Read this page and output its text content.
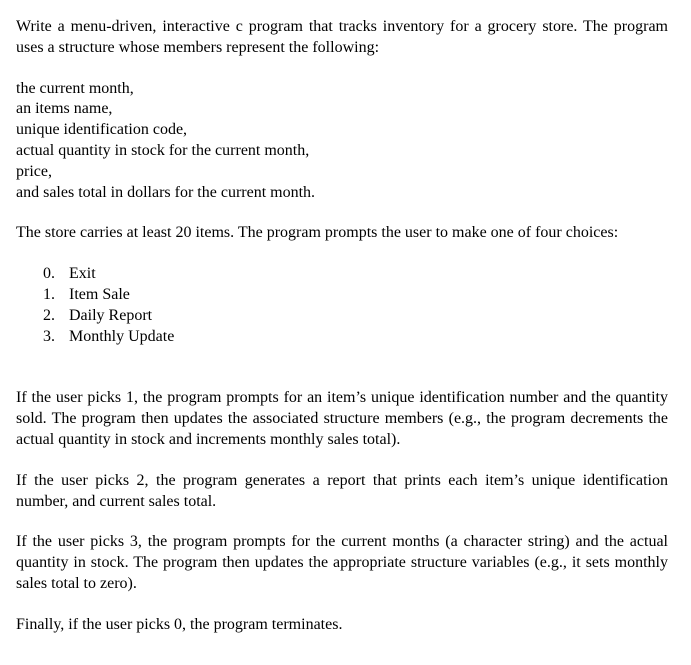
Write a menu-driven, interactive c program that tracks inventory for a grocery store. The program uses a structure whose members represent the following:

the current month,

an items name,

unique identification code,

actual quantity in stock for the current month,

price,

and sales total in dollars for the current month.

The store carries at least 20 items. The program prompts the user to make one of four choices:

0. Exit
1. Item Sale
2. Daily Report
3. Monthly Update

If the user picks 1, the program prompts for an item’s unique identification number and the quantity sold. The program then updates the associated structure members (e.g., the program decrements the actual quantity in stock and increments monthly sales total).

If the user picks 2, the program generates a report that prints each item’s unique identification number, and current sales total.

If the user picks 3, the program prompts for the current months (a character string) and the actual quantity in stock. The program then updates the appropriate structure variables (e.g., it sets monthly sales total to zero).

Finally, if the user picks 0, the program terminates.
